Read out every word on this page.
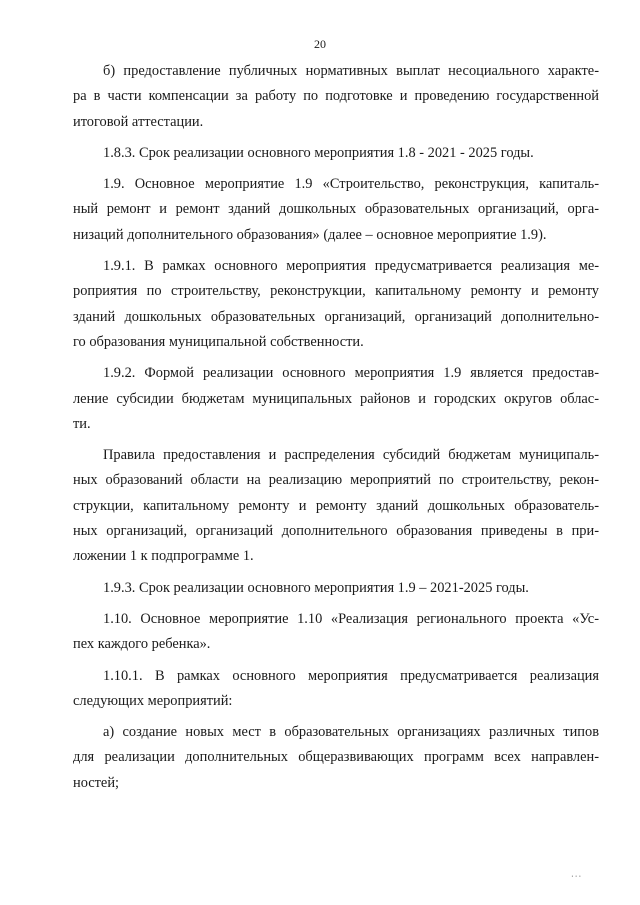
20
б) предоставление публичных нормативных выплат несоциального характе-
ра в части компенсации за работу по подготовке и проведению государственной
итоговой аттестации.
1.8.3. Срок реализации основного мероприятия 1.8 - 2021 - 2025 годы.
1.9. Основное мероприятие 1.9 «Строительство, реконструкция, капиталь-
ный ремонт и ремонт зданий дошкольных образовательных организаций, орга-
низаций дополнительного образования» (далее – основное мероприятие 1.9).
1.9.1. В рамках основного мероприятия предусматривается реализация ме-
роприятия по строительству, реконструкции, капитальному ремонту и ремонту
зданий дошкольных образовательных организаций, организаций дополнительно-
го образования муниципальной собственности.
1.9.2. Формой реализации основного мероприятия 1.9 является предостав-
ление субсидии бюджетам муниципальных районов и городских округов облас-
ти.
Правила предоставления и распределения субсидий бюджетам муниципаль-
ных образований области на реализацию мероприятий по строительству, рекон-
струкции, капитальному ремонту и ремонту зданий дошкольных образователь-
ных организаций, организаций дополнительного образования приведены в при-
ложении 1 к подпрограмме 1.
1.9.3. Срок реализации основного мероприятия 1.9 – 2021-2025 годы.
1.10. Основное мероприятие 1.10 «Реализация регионального проекта «Ус-
пех каждого ребенка».
1.10.1. В рамках основного мероприятия предусматривается реализация
следующих мероприятий:
а) создание новых мест в образовательных организациях различных типов
для реализации дополнительных общеразвивающих программ всех направлен-
ностей;
⋅⋅⋅
